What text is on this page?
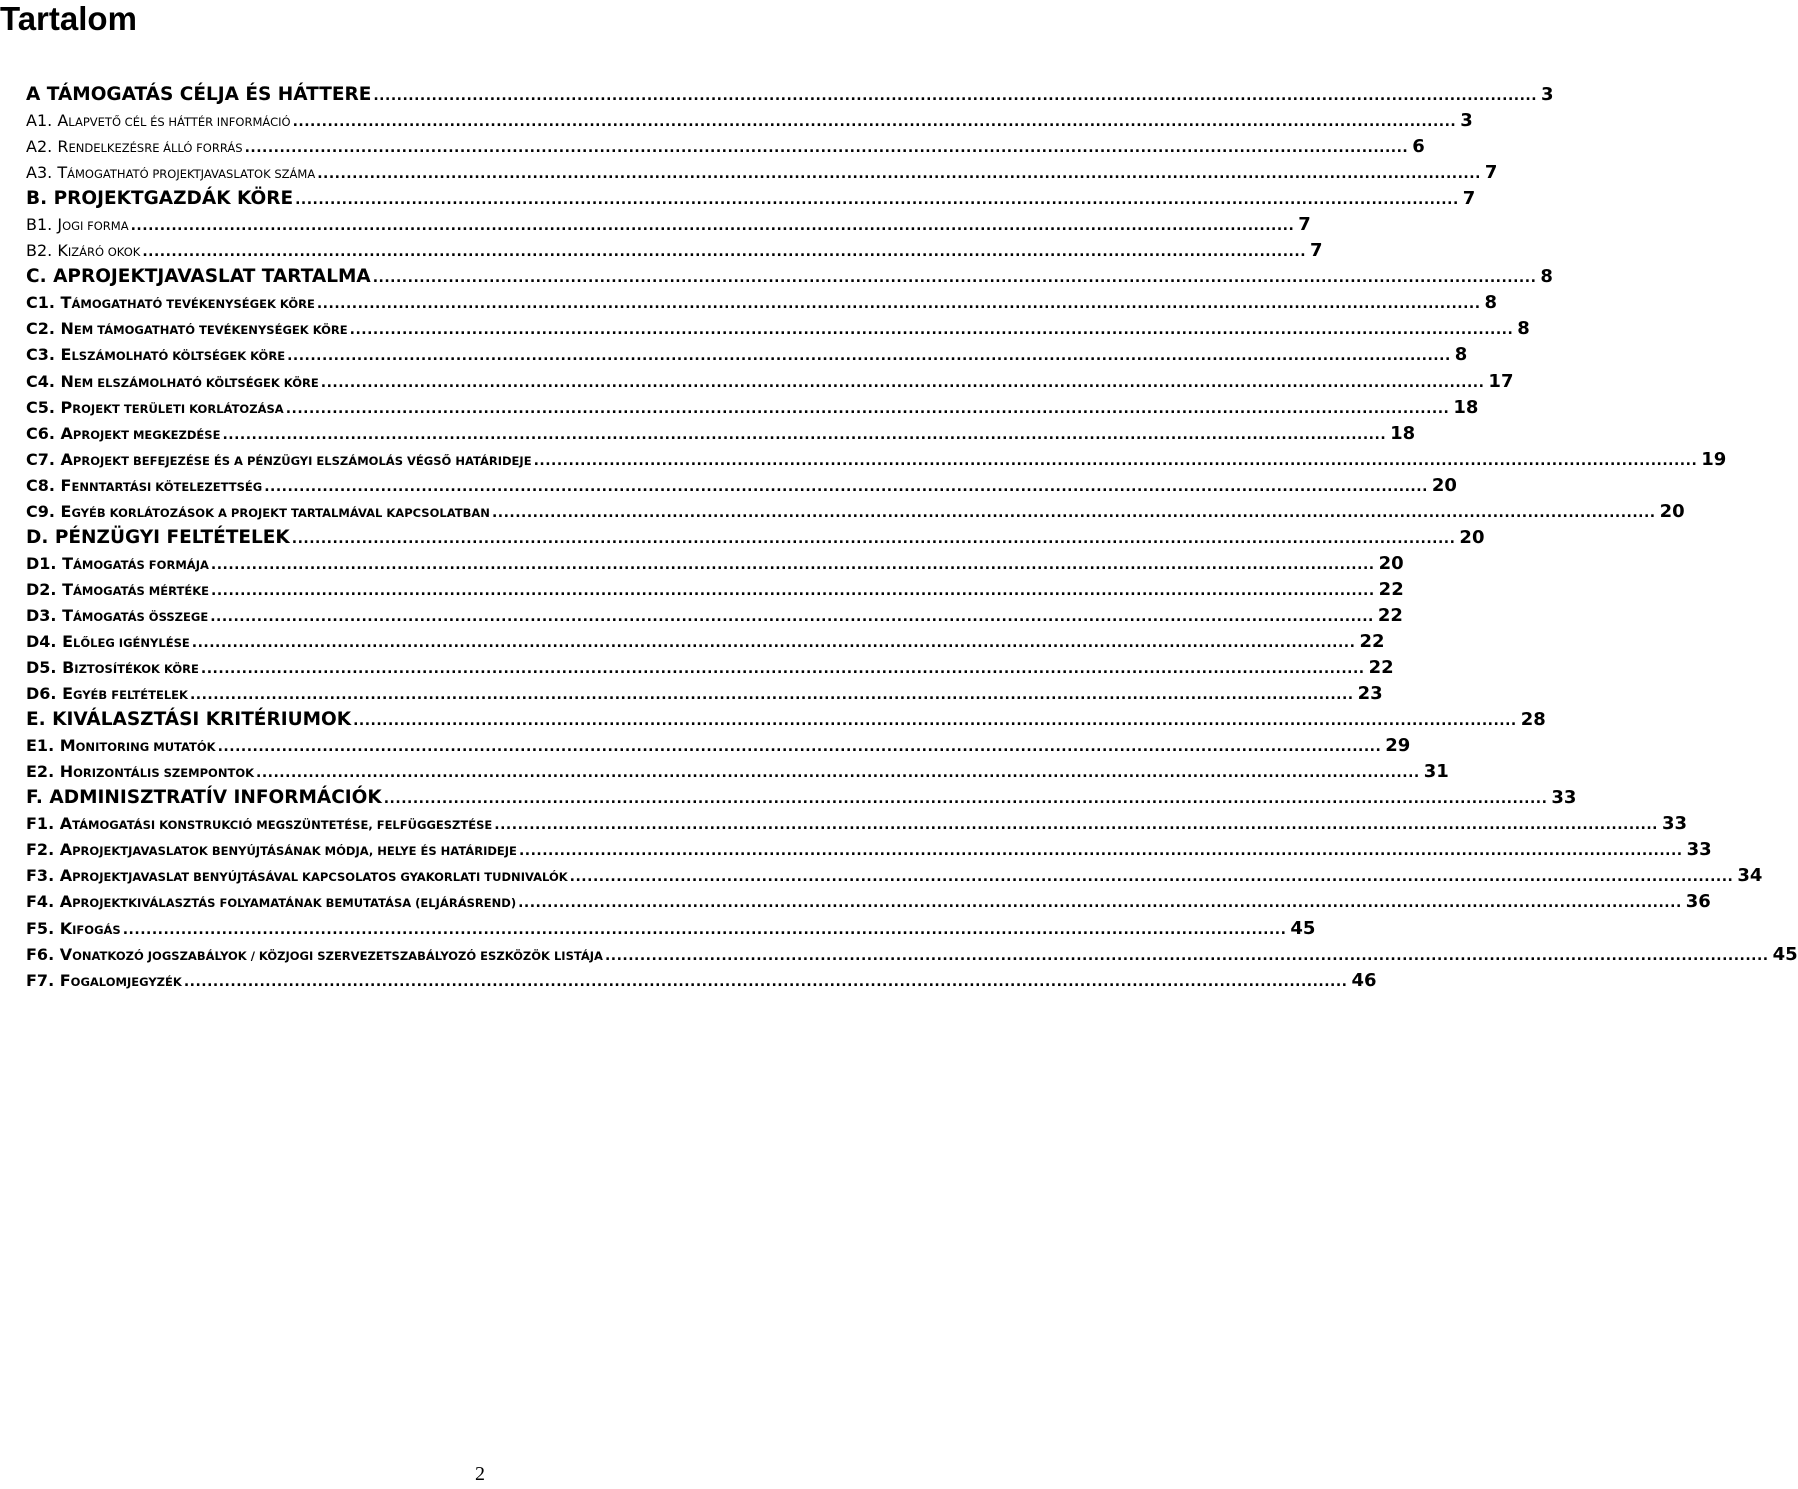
Tartalom
A TÁMOGATÁS CÉLJA ÉS HÁTTERE .....	3
A1. ALAPVETŐ CÉL ÉS HÁTTÉR INFORMÁCIÓ .....	3
A2. RENDELKEZÉSRE ÁLLÓ FORRÁS .....	6
A3. TÁMOGATHATÓ PROJEKTJAVASLATOK SZÁMA .....	7
B. PROJEKTGAZDÁK KÖRE .....	7
B1. JOGI FORMA .....	7
B2. KIZÁRÓ OKOK .....	7
C. APROJEKTJAVASLAT TARTALMA .....	8
C1. TÁMOGATHATÓ TEVÉKENYSÉGEK KÖRE .....	8
C2. NEM TÁMOGATHATÓ TEVÉKENYSÉGEK KÖRE .....	8
C3. ELSZÁMOLHATÓ KÖLTSÉGEK KÖRE .....	8
C4. NEM ELSZÁMOLHATÓ KÖLTSÉGEK KÖRE .....	17
C5. PROJEKT TERÜLETI KORLÁTOZÁSA .....	18
C6. APROJEKT MEGKEZDÉSE .....	18
C7. APROJEKT BEFEJEZÉSE ÉS A PÉNZÜGYI ELSZÁMOLÁS VÉGSŐ HATÁRIDEJE .....	19
C8. FENNTARTÁSI KÖTELEZETTSÉG .....	20
C9. EGYÉB KORLÁTOZÁSOK A PROJEKT TARTALMÁVAL KAPCSOLATBAN .....	20
D. PÉNZÜGYI FELTÉTELEK .....	20
D1. TÁMOGATÁS FORMÁJA .....	20
D2. TÁMOGATÁS MÉRTÉKE .....	22
D3. TÁMOGATÁS ÖSSZEGE .....	22
D4. ELŐLEG IGÉNYLÉSE .....	22
D5. BIZTOSÍTÉKOK KÖRE .....	22
D6. EGYÉB FELTÉTELEK .....	23
E. KIVÁLASZTÁSI KRITÉRIUMOK .....	28
E1. MONITORING MUTATÓK .....	29
E2. HORIZONTÁLIS SZEMPONTOK .....	31
F. ADMINISZTRATÍV INFORMÁCIÓK .....	33
F1. ATÁMOGATÁSI KONSTRUKCIÓ MEGSZÜNTETÉSE, FELFÜGGESZTÉSE .....	33
F2. APROJEKTJAVASLATOK BENYÚJTÁSÁNAK MÓDJA, HELYE ÉS HATÁRIDEJE .....	33
F3. APROJEKTJAVASLAT BENYÚJTÁSÁVAL KAPCSOLATOS GYAKORLATI TUDNIVALÓK .....	34
F4. APROJEKTKIVÁLASZTÁS FOLYAMATÁNAK BEMUTATÁSA (ELJÁRÁSREND) .....	36
F5. KIFOGÁS .....	45
F6. VONATKOZÓ JOGSZABÁLYOK / KÖZJOGI SZERVEZETSZABÁLYOZÓ ESZKÖZÖK LISTÁJA .....	45
F7. FOGALOMJEGYZÉK .....	46
2
